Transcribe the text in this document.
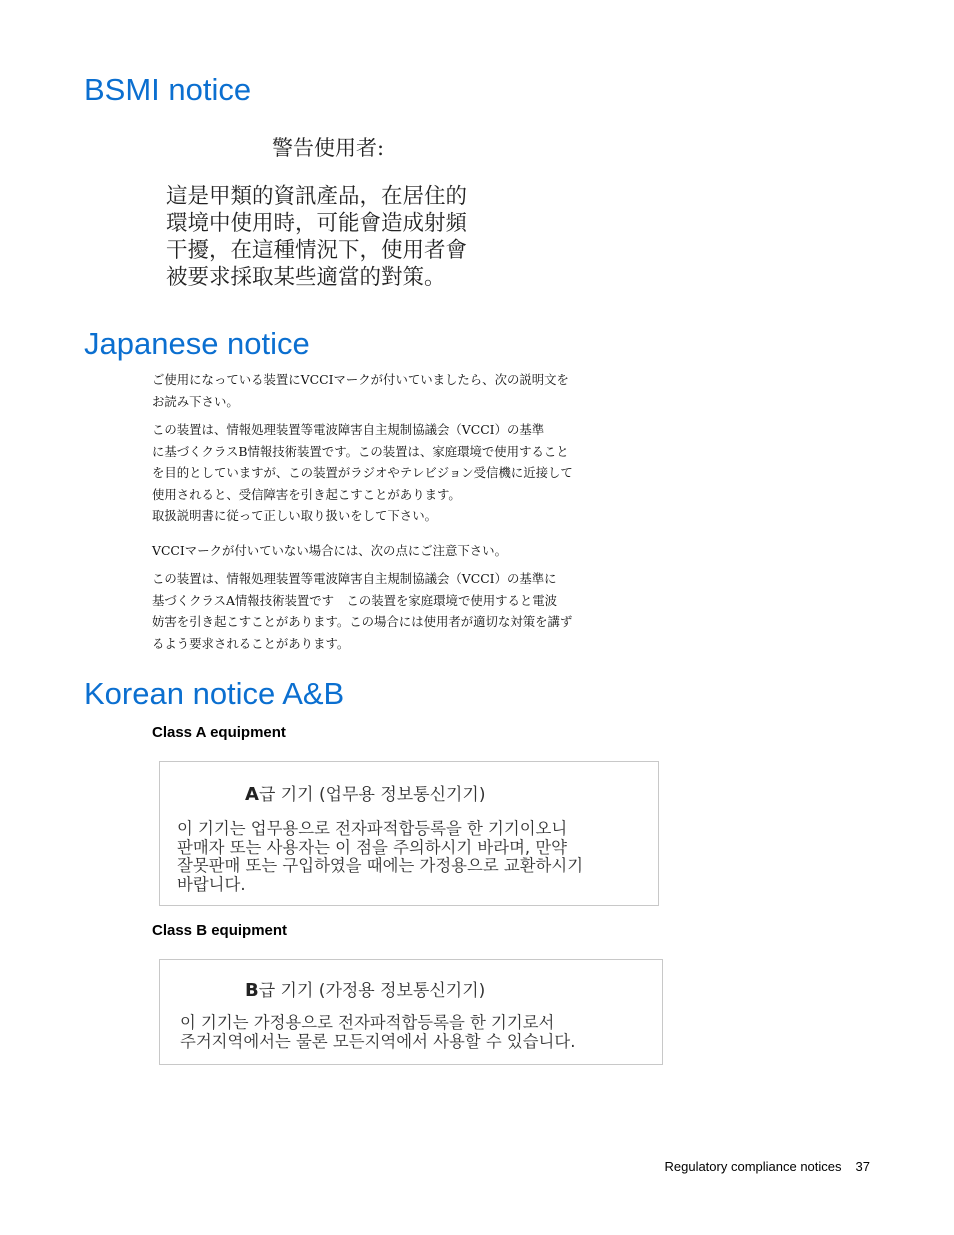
BSMI notice
警告使用者:
這是甲類的資訊產品，在居住的
環境中使用時，可能會造成射頻
干擾，在這種情況下，使用者會
被要求採取某些適當的對策。
Japanese notice
ご使用になっている装置にVCCIマークが付いていましたら、次の説明文を
お読み下さい。
この装置は、情報処理装置等電波障害自主規制協議会（VCCI）の基準
に基づくクラスB情報技術装置です。この装置は、家庭環境で使用すること
を目的としていますが、この装置がラジオやテレビジョン受信機に近接して
使用されると、受信障害を引き起こすことがあります。
取扱説明書に従って正しい取り扱いをして下さい。
VCCIマークが付いていない場合には、次の点にご注意下さい。
この装置は、情報処理装置等電波障害自主規制協議会（VCCI）の基準に
基づくクラスA情報技術装置です　この装置を家庭環境で使用すると電波
妨害を引き起こすことがあります。この場合には使用者が適切な対策を講ず
るよう要求されることがあります。
Korean notice A&B
Class A equipment
A급 기기 (업무용 정보통신기기)
이 기기는 업무용으로 전자파적합등록을 한 기기이오니
판매자 또는 사용자는 이 점을 주의하시기 바라며, 만약
잘못판매 또는 구입하였을 때에는 가정용으로 교환하시기
바랍니다.
Class B equipment
B급 기기 (가정용 정보통신기기)
이 기기는 가정용으로 전자파적합등록을 한 기기로서
주거지역에서는 물론 모든지역에서 사용할 수 있습니다.
Regulatory compliance notices 37
